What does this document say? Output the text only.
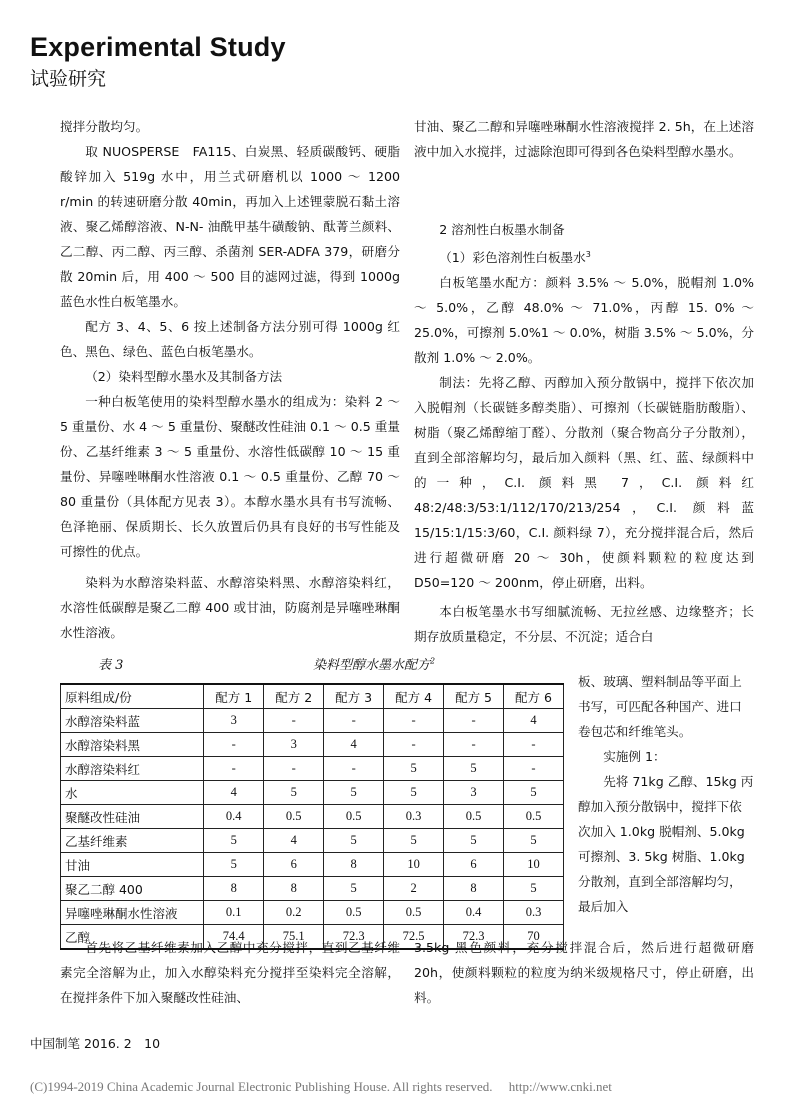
Experimental Study
试验研究

搅拌分散均匀。

取 NUOSPERSE　FA115、白炭黑、轻质碳酸钙、硬脂酸锌加入 519g 水中，用兰式研磨机以 1000 ～ 1200 r/min 的转速研磨分散 40min，再加入上述锂蒙脱石黏土溶液、聚乙烯醇溶液、N-N- 油酰甲基牛磺酸钠、酞菁兰颜料、乙二醇、丙二醇、丙三醇、杀菌剂 SER-ADFA 379，研磨分散 20min 后，用 400 ～ 500 目的滤网过滤，得到 1000g 蓝色水性白板笔墨水。

配方 3、4、5、6 按上述制备方法分别可得 1000g 红色、黑色、绿色、蓝色白板笔墨水。

（2）染料型醇水墨水及其制备方法

一种白板笔使用的染料型醇水墨水的组成为：染料 2 ～ 5 重量份、水 4 ～ 5 重量份、聚醚改性硅油 0.1 ～ 0.5 重量份、乙基纤维素 3 ～ 5 重量份、水溶性低碳醇 10 ～ 15 重量份、异噻唑啉酮水性溶液 0.1 ～ 0.5 重量份、乙醇 70 ～ 80 重量份（具体配方见表 3）。本醇水墨水具有书写流畅、色泽艳丽、保质期长、长久放置后仍具有良好的书写性能及可擦性的优点。

染料为水醇溶染料蓝、水醇溶染料黑、水醇溶染料红，水溶性低碳醇是聚乙二醇 400 或甘油，防腐剂是异噻唑琳酮水性溶液。

甘油、聚乙二醇和异噻唑琳酮水性溶液搅拌 2. 5h，在上述溶液中加入水搅拌，过滤除泡即可得到各色染料型醇水墨水。

2 溶剂性白板墨水制备

（1）彩色溶剂性白板墨水$^3$

白板笔墨水配方：颜料 3.5% ～ 5.0%，脱帽剂 1.0% ～ 5.0%，乙醇 48.0% ～ 71.0%，丙醇 15. 0% ～ 25.0%，可擦剂 5.0%1 ～ 0.0%，树脂 3.5% ～ 5.0%，分散剂 1.0% ～ 2.0%。

制法：先将乙醇、丙醇加入预分散锅中，搅拌下依次加入脱帽剂（长碳链多醇类脂）、可擦剂（长碳链脂肪酸脂）、树脂（聚乙烯醇缩丁醛）、分散剂（聚合物高分子分散剂），直到全部溶解均匀，最后加入颜料（黑、红、蓝、绿颜料中的一种，C.I. 颜料黑 7，C.I. 颜料红 48:2/48:3/53:1/112/170/213/254，C.I. 颜料蓝 15/15:1/15:3/60，C.I. 颜料绿 7），充分搅拌混合后，然后进行超微研磨 20 ～ 30h，使颜料颗粒的粒度达到 D50=120 ～ 200nm，停止研磨，出料。

本白板笔墨水书写细腻流畅、无拉丝感、边缘整齐；长期存放质量稳定，不分层、不沉淀；适合白

板、玻璃、塑料制品等平面上书写，可匹配各种国产、进口卷包芯和纤维笔头。

实施例 1：

先将 71kg 乙醇、15kg 丙醇加入预分散锅中，搅拌下依次加入 1.0kg 脱帽剂、5.0kg 可擦剂、3. 5kg 树脂、1.0kg 分散剂，直到全部溶解均匀，最后加入

表 3	染料型醇水墨水配方$^2$
原料组成/份	配方 1	配方 2	配方 3	配方 4	配方 5	配方 6
水醇溶染料蓝	3	-	-	-	-	4
水醇溶染料黑	-	3	4	-	-	-
水醇溶染料红	-	-	-	5	5	-
水	4	5	5	5	3	5
聚醚改性硅油	0.4	0.5	0.5	0.3	0.5	0.5
乙基纤维素	5	4	5	5	5	5
甘油	5	6	8	10	6	10
聚乙二醇 400	8	8	5	2	8	5
异噻唑琳酮水性溶液	0.1	0.2	0.5	0.5	0.4	0.3
乙醇	74.4	75.1	72.3	72.5	72.3	70

首先将乙基纤维素加入乙醇中充分搅拌，直到乙基纤维素完全溶解为止，加入水醇染料充分搅拌至染料完全溶解，在搅拌条件下加入聚醚改性硅油、

3.5kg 黑色颜料，充分搅拌混合后，然后进行超微研磨 20h，使颜料颗粒的粒度为纳米级规格尺寸，停止研磨，出料。

中国制笔 2016. 2　10
(C)1994-2019 China Academic Journal Electronic Publishing House. All rights reserved.　 http://www.cnki.net
